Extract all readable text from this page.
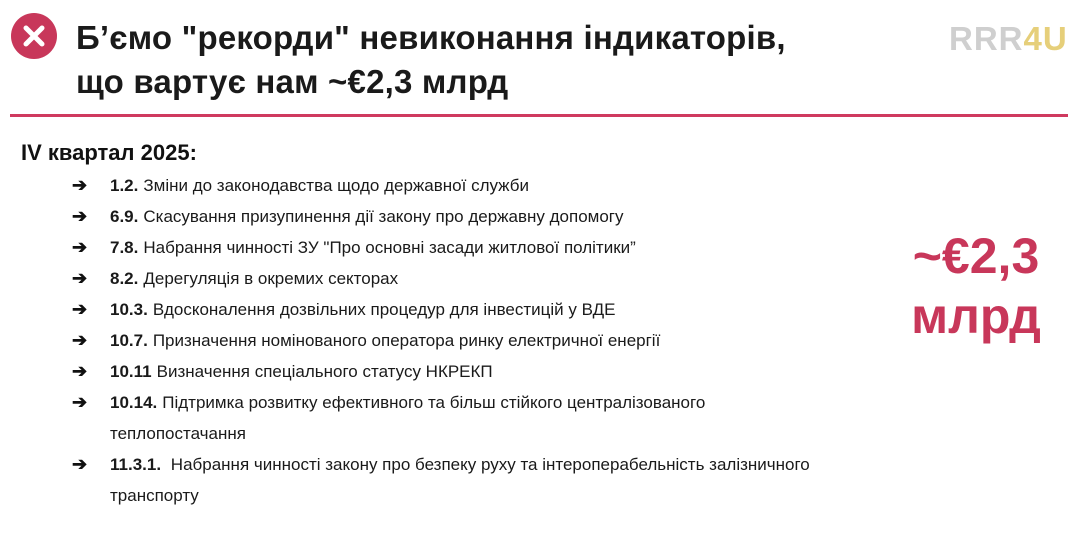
Б’ємо "рекорди" невиконання індикаторів,
що вартує нам ~€2,3 млрд
RRR4U
IV квартал 2025:
➔ 1.2. Зміни до законодавства щодо державної служби
➔ 6.9. Скасування призупинення дії закону про державну допомогу
➔ 7.8. Набрання чинності ЗУ "Про основні засади житлової політики”
➔ 8.2. Дерегуляція в окремих секторах
➔ 10.3. Вдосконалення дозвільних процедур для інвестицій у ВДЕ
➔ 10.7. Призначення номінованого оператора ринку електричної енергії
➔ 10.11 Визначення спеціального статусу НКРЕКП
➔ 10.14. Підтримка розвитку ефективного та більш стійкого централізованого
теплопостачання
➔ 11.3.1. Набрання чинності закону про безпеку руху та інтероперабельність залізничного
транспорту
~€2,3
млрд
